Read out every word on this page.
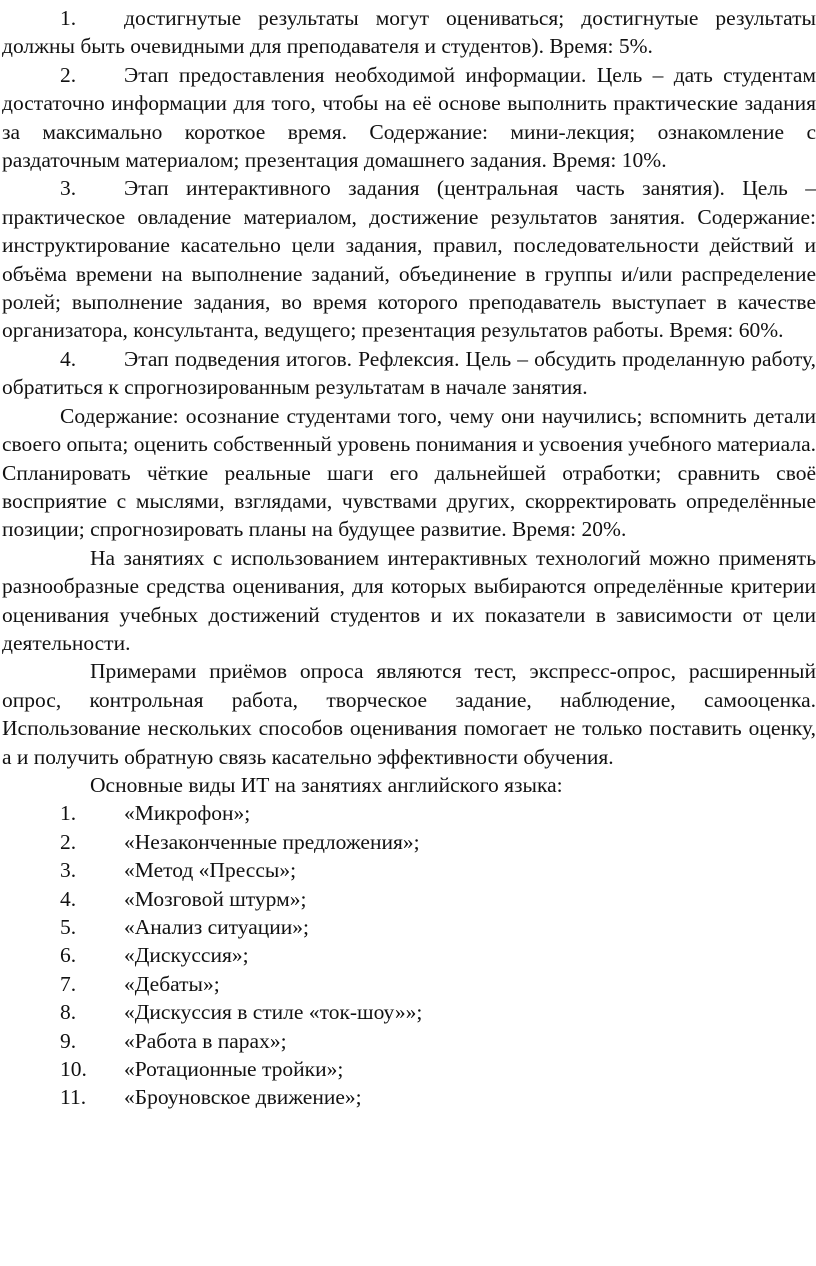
1. достигнутые результаты могут оцениваться; достигнутые результаты должны быть очевидными для преподавателя и студентов). Время: 5%.

2. Этап предоставления необходимой информации. Цель – дать студентам достаточно информации для того, чтобы на её основе выполнить практические задания за максимально короткое время. Содержание: мини-лекция; ознакомление с раздаточным материалом; презентация домашнего задания. Время: 10%.

3. Этап интерактивного задания (центральная часть занятия). Цель – практическое овладение материалом, достижение результатов занятия. Содержание: инструктирование касательно цели задания, правил, последовательности действий и объёма времени на выполнение заданий, объединение в группы и/или распределение ролей; выполнение задания, во время которого преподаватель выступает в качестве организатора, консультанта, ведущего; презентация результатов работы. Время: 60%.

4. Этап подведения итогов. Рефлексия. Цель – обсудить проделанную работу, обратиться к спрогнозированным результатам в начале занятия.

Содержание: осознание студентами того, чему они научились; вспомнить детали своего опыта; оценить собственный уровень понимания и усвоения учебного материала. Спланировать чёткие реальные шаги его дальнейшей отработки; сравнить своё восприятие с мыслями, взглядами, чувствами других, скорректировать определённые позиции; спрогнозировать планы на будущее развитие. Время: 20%.

На занятиях с использованием интерактивных технологий можно применять разнообразные средства оценивания, для которых выбираются определённые критерии оценивания учебных достижений студентов и их показатели в зависимости от цели деятельности.

Примерами приёмов опроса являются тест, экспресс-опрос, расширенный опрос, контрольная работа, творческое задание, наблюдение, самооценка. Использование нескольких способов оценивания помогает не только поставить оценку, а и получить обратную связь касательно эффективности обучения.

Основные виды ИТ на занятиях английского языка:

1.	«Микрофон»;
2.	«Незаконченные предложения»;
3.	«Метод «Прессы»;
4.	«Мозговой штурм»;
5.	«Анализ ситуации»;
6.	«Дискуссия»;
7.	«Дебаты»;
8.	«Дискуссия в стиле «ток-шоу»»;
9.	«Работа в парах»;
10.	«Ротационные тройки»;
11.	«Броуновское движение»;
